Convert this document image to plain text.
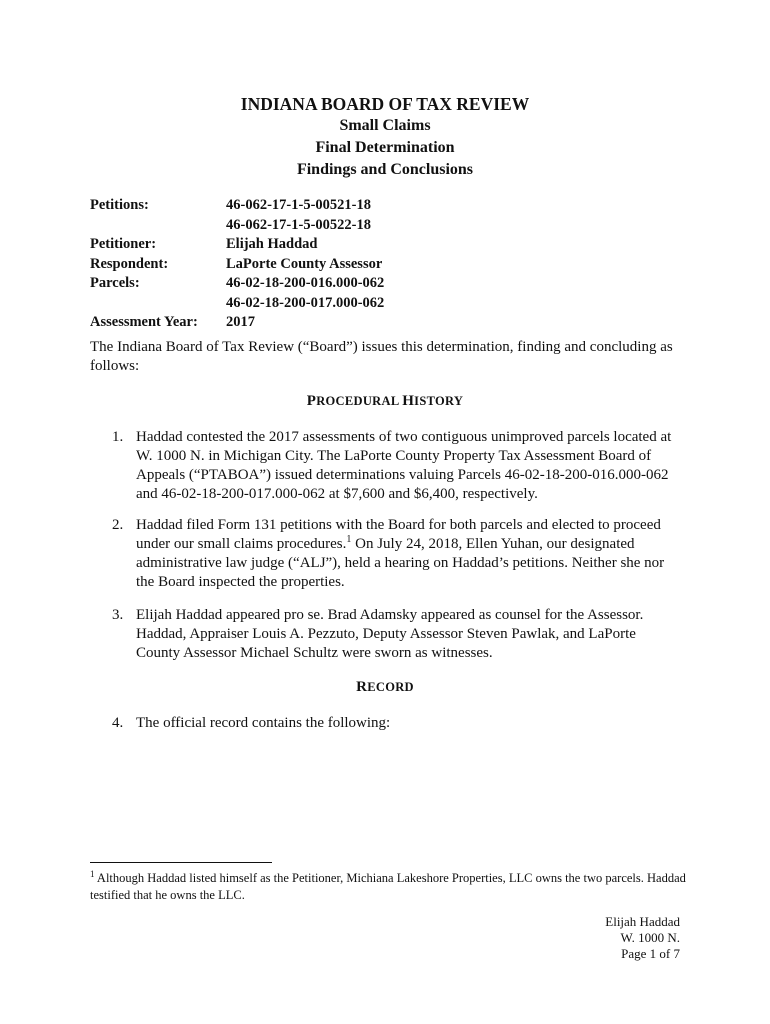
INDIANA BOARD OF TAX REVIEW
Small Claims
Final Determination
Findings and Conclusions
Petitions:	46-062-17-1-5-00521-18
46-062-17-1-5-00522-18
Petitioner:	Elijah Haddad
Respondent:	LaPorte County Assessor
Parcels:	46-02-18-200-016.000-062
46-02-18-200-017.000-062
Assessment Year:	2017
The Indiana Board of Tax Review (“Board”) issues this determination, finding and concluding as follows:
PROCEDURAL HISTORY
1. Haddad contested the 2017 assessments of two contiguous unimproved parcels located at W. 1000 N. in Michigan City. The LaPorte County Property Tax Assessment Board of Appeals (“PTABOA”) issued determinations valuing Parcels 46-02-18-200-016.000-062 and 46-02-18-200-017.000-062 at $7,600 and $6,400, respectively.
2. Haddad filed Form 131 petitions with the Board for both parcels and elected to proceed under our small claims procedures.$^1$ On July 24, 2018, Ellen Yuhan, our designated administrative law judge (“ALJ”), held a hearing on Haddad’s petitions. Neither she nor the Board inspected the properties.
3. Elijah Haddad appeared pro se. Brad Adamsky appeared as counsel for the Assessor. Haddad, Appraiser Louis A. Pezzuto, Deputy Assessor Steven Pawlak, and LaPorte County Assessor Michael Schultz were sworn as witnesses.
RECORD
4. The official record contains the following:
$^1$ Although Haddad listed himself as the Petitioner, Michiana Lakeshore Properties, LLC owns the two parcels. Haddad testified that he owns the LLC.
Elijah Haddad
W. 1000 N.
Page 1 of 7
